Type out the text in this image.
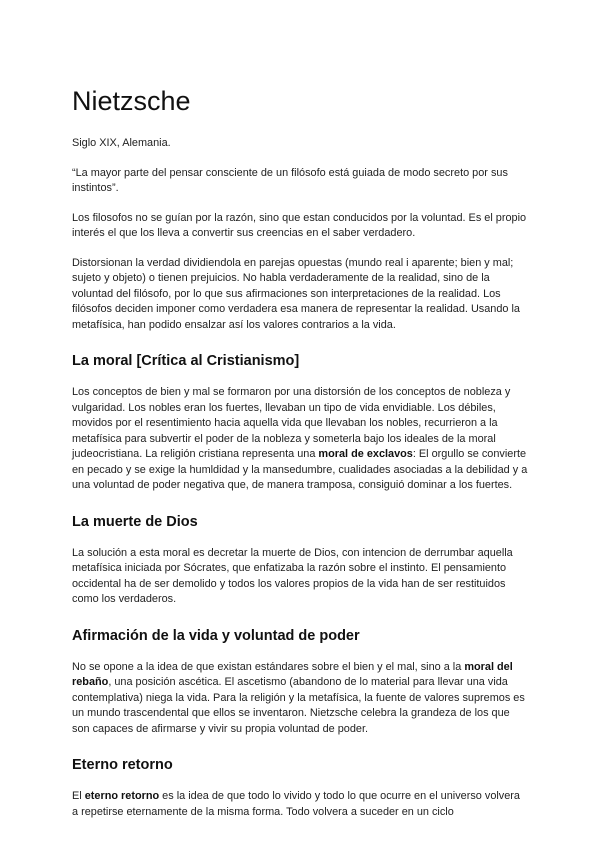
Nietzsche

Siglo XIX, Alemania.

“La mayor parte del pensar consciente de un filósofo está guiada de modo secreto por sus instintos”.

Los filosofos no se guían por la razón, sino que estan conducidos por la voluntad. Es el propio interés el que los lleva a convertir sus creencias en el saber verdadero.

Distorsionan la verdad dividiendola en parejas opuestas (mundo real i aparente; bien y mal; sujeto y objeto) o tienen prejuicios. No habla verdaderamente de la realidad, sino de la voluntad del filósofo, por lo que sus afirmaciones son interpretaciones de la realidad. Los filósofos deciden imponer como verdadera esa manera de representar la realidad. Usando la metafísica, han podido ensalzar así los valores contrarios a la vida.

La moral [Crítica al Cristianismo]

Los conceptos de bien y mal se formaron por una distorsión de los conceptos de nobleza y vulgaridad. Los nobles eran los fuertes, llevaban un tipo de vida envidiable. Los débiles, movidos por el resentimiento hacia aquella vida que llevaban los nobles, recurrieron a la metafísica para subvertir el poder de la nobleza y someterla bajo los ideales de la moral judeocristiana. La religión cristiana representa una moral de exclavos: El orgullo se convierte en pecado y se exige la humldidad y la mansedumbre, cualidades asociadas a la debilidad y a una voluntad de poder negativa que, de manera tramposa, consiguió dominar a los fuertes.

La muerte de Dios

La solución a esta moral es decretar la muerte de Dios, con intencion de derrumbar aquella metafísica iniciada por Sócrates, que enfatizaba la razón sobre el instinto. El pensamiento occidental ha de ser demolido y todos los valores propios de la vida han de ser restituidos como los verdaderos.

Afirmación de la vida y voluntad de poder

No se opone a la idea de que existan estándares sobre el bien y el mal, sino a la moral del rebaño, una posición ascética. El ascetismo (abandono de lo material para llevar una vida contemplativa) niega la vida. Para la religión y la metafísica, la fuente de valores supremos es un mundo trascendental que ellos se inventaron. Nietzsche celebra la grandeza de los que son capaces de afirmarse y vivir su propia voluntad de poder.

Eterno retorno

El eterno retorno es la idea de que todo lo vivido y todo lo que ocurre en el universo volvera a repetirse eternamente de la misma forma. Todo volvera a suceder en un ciclo
